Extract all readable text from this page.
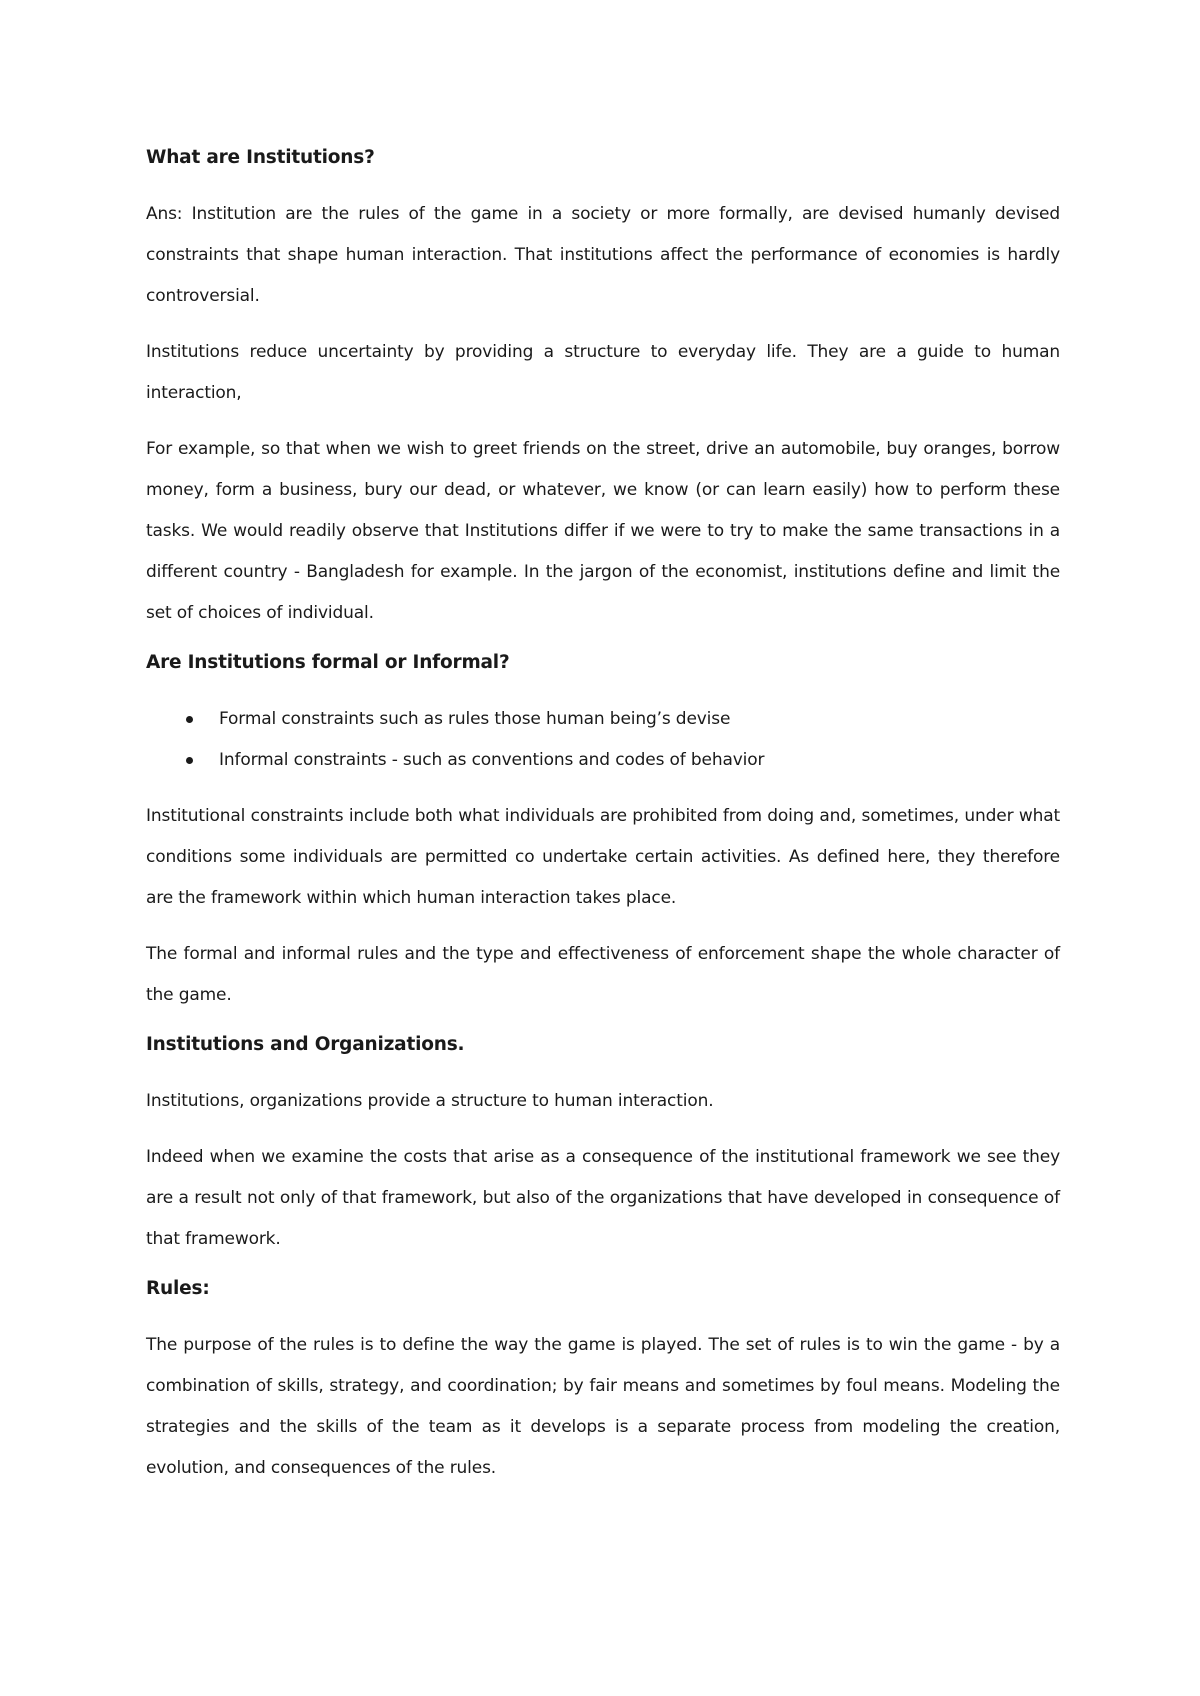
What are Institutions?

Ans: Institution are the rules of the game in a society or more formally, are devised humanly devised constraints that shape human interaction. That institutions affect the performance of economies is hardly controversial.

Institutions reduce uncertainty by providing a structure to everyday life. They are a guide to human interaction,

For example, so that when we wish to greet friends on the street, drive an automobile, buy oranges, borrow money, form a business, bury our dead, or whatever, we know (or can learn easily) how to perform these tasks. We would readily observe that Institutions differ if we were to try to make the same transactions in a different country - Bangladesh for example. In the jargon of the economist, institutions define and limit the set of choices of individual.

Are Institutions formal or Informal?
Formal constraints such as rules those human being’s devise
Informal constraints - such as conventions and codes of behavior

Institutional constraints include both what individuals are prohibited from doing and, sometimes, under what conditions some individuals are permitted co undertake certain activities. As defined here, they therefore are the framework within which human interaction takes place.

The formal and informal rules and the type and effectiveness of enforcement shape the whole character of the game.

Institutions and Organizations.

Institutions, organizations provide a structure to human interaction.

Indeed when we examine the costs that arise as a consequence of the institutional framework we see they are a result not only of that framework, but also of the organizations that have developed in consequence of that framework.

Rules:

The purpose of the rules is to define the way the game is played. The set of rules is to win the game - by a combination of skills, strategy, and coordination; by fair means and sometimes by foul means. Modeling the strategies and the skills of the team as it develops is a separate process from modeling the creation, evolution, and consequences of the rules.
